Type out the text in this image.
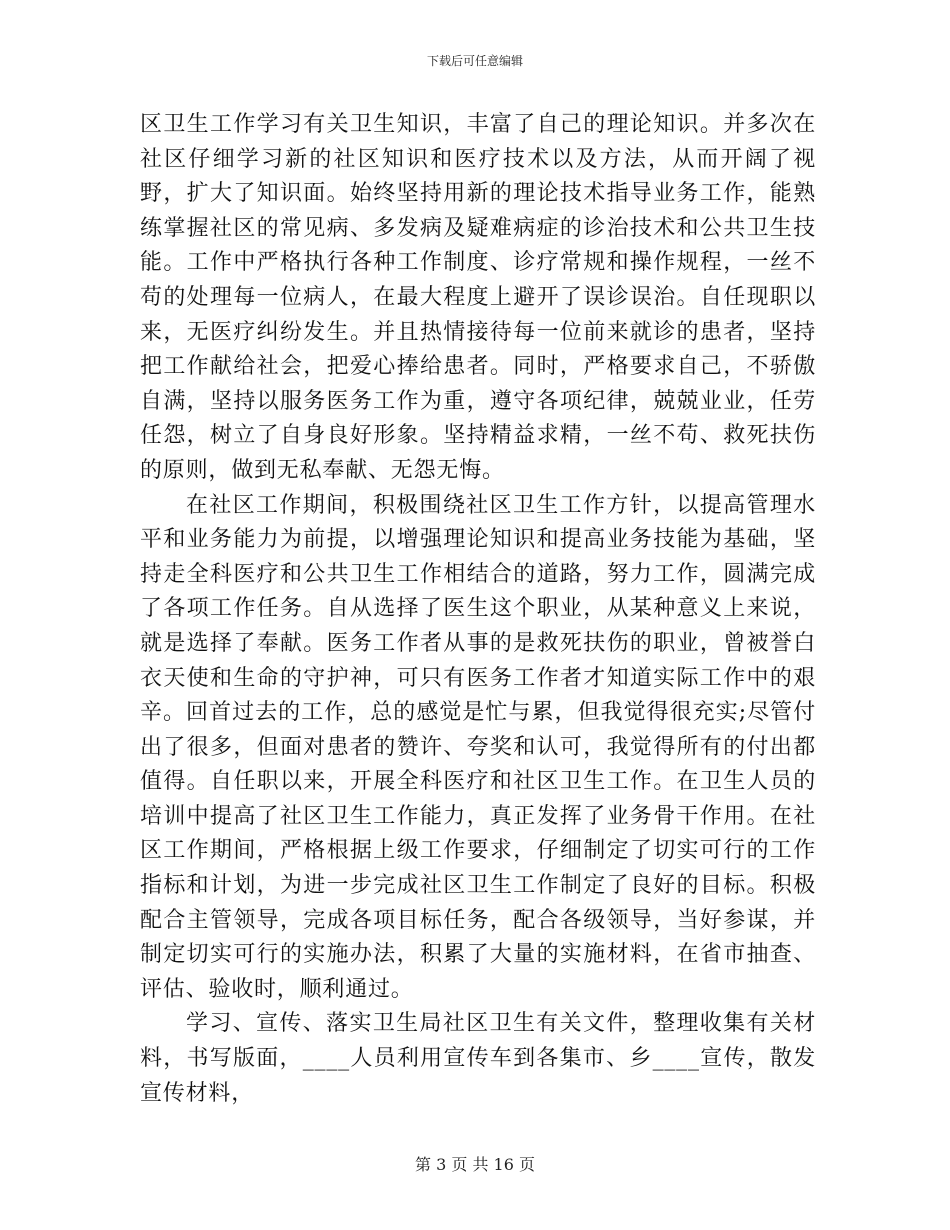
下载后可任意编辑

区卫生工作学习有关卫生知识，丰富了自己的理论知识。并多次在社区仔细学习新的社区知识和医疗技术以及方法，从而开阔了视野，扩大了知识面。始终坚持用新的理论技术指导业务工作，能熟练掌握社区的常见病、多发病及疑难病症的诊治技术和公共卫生技能。工作中严格执行各种工作制度、诊疗常规和操作规程，一丝不苟的处理每一位病人，在最大程度上避开了误诊误治。自任现职以来，无医疗纠纷发生。并且热情接待每一位前来就诊的患者，坚持把工作献给社会，把爱心捧给患者。同时，严格要求自己，不骄傲自满，坚持以服务医务工作为重，遵守各项纪律，兢兢业业，任劳任怨，树立了自身良好形象。坚持精益求精，一丝不苟、救死扶伤的原则，做到无私奉献、无怨无悔。

在社区工作期间，积极围绕社区卫生工作方针，以提高管理水平和业务能力为前提，以增强理论知识和提高业务技能为基础，坚持走全科医疗和公共卫生工作相结合的道路，努力工作，圆满完成了各项工作任务。自从选择了医生这个职业，从某种意义上来说，就是选择了奉献。医务工作者从事的是救死扶伤的职业，曾被誉白衣天使和生命的守护神，可只有医务工作者才知道实际工作中的艰辛。回首过去的工作，总的感觉是忙与累，但我觉得很充实;尽管付出了很多，但面对患者的赞许、夸奖和认可，我觉得所有的付出都值得。自任职以来，开展全科医疗和社区卫生工作。在卫生人员的培训中提高了社区卫生工作能力，真正发挥了业务骨干作用。在社区工作期间，严格根据上级工作要求，仔细制定了切实可行的工作指标和计划，为进一步完成社区卫生工作制定了良好的目标。积极配合主管领导，完成各项目标任务，配合各级领导，当好参谋，并制定切实可行的实施办法，积累了大量的实施材料，在省市抽查、评估、验收时，顺利通过。

学习、宣传、落实卫生局社区卫生有关文件，整理收集有关材料，书写版面，____人员利用宣传车到各集市、乡____宣传，散发宣传材料，

第 3 页 共 16 页
